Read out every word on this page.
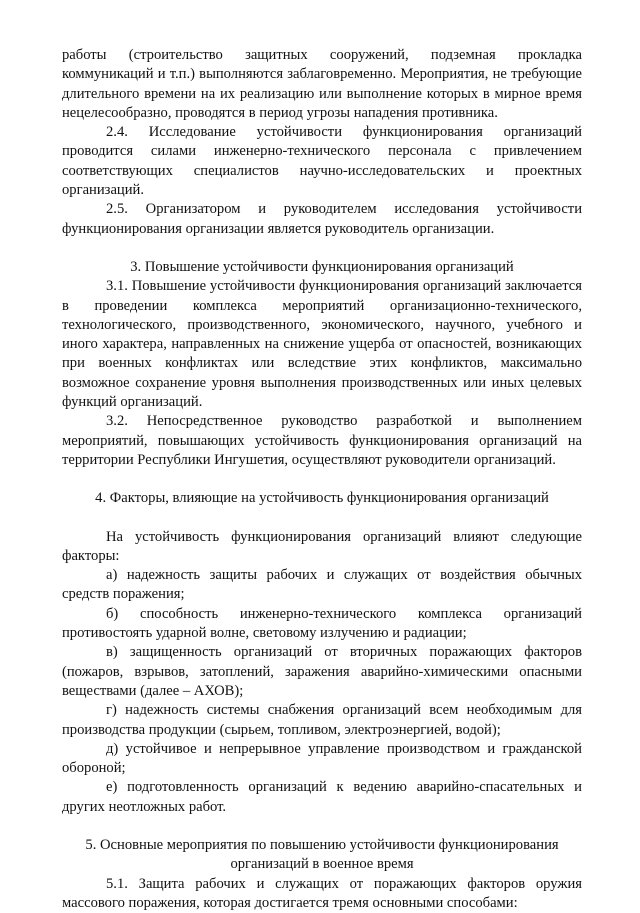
работы (строительство защитных сооружений, подземная прокладка коммуникаций и т.п.) выполняются заблаговременно. Мероприятия, не требующие длительного времени на их реализацию или выполнение которых в мирное время нецелесообразно, проводятся в период угрозы нападения противника.

2.4. Исследование устойчивости функционирования организаций проводится силами инженерно-технического персонала с привлечением соответствующих специалистов научно-исследовательских и проектных организаций.

2.5. Организатором и руководителем исследования устойчивости функционирования организации является руководитель организации.

3. Повышение устойчивости функционирования организаций

3.1. Повышение устойчивости функционирования организаций заключается в проведении комплекса мероприятий организационно-технического, технологического, производственного, экономического, научного, учебного и иного характера, направленных на снижение ущерба от опасностей, возникающих при военных конфликтах или вследствие этих конфликтов, максимально возможное сохранение уровня выполнения производственных или иных целевых функций организаций.

3.2. Непосредственное руководство разработкой и выполнением мероприятий, повышающих устойчивость функционирования организаций на территории Республики Ингушетия, осуществляют руководители организаций.

4. Факторы, влияющие на устойчивость функционирования организаций

На устойчивость функционирования организаций влияют следующие факторы:

а) надежность защиты рабочих и служащих от воздействия обычных средств поражения;

б) способность инженерно-технического комплекса организаций противостоять ударной волне, световому излучению и радиации;

в) защищенность организаций от вторичных поражающих факторов (пожаров, взрывов, затоплений, заражения аварийно-химическими опасными веществами (далее – АХОВ);

г) надежность системы снабжения организаций всем необходимым для производства продукции (сырьем, топливом, электроэнергией, водой);

д) устойчивое и непрерывное управление производством и гражданской обороной;

е) подготовленность организаций к ведению аварийно-спасательных и других неотложных работ.

5. Основные мероприятия по повышению устойчивости функционирования

организаций в военное время

5.1. Защита рабочих и служащих от поражающих факторов оружия массового поражения, которая достигается тремя основными способами:
